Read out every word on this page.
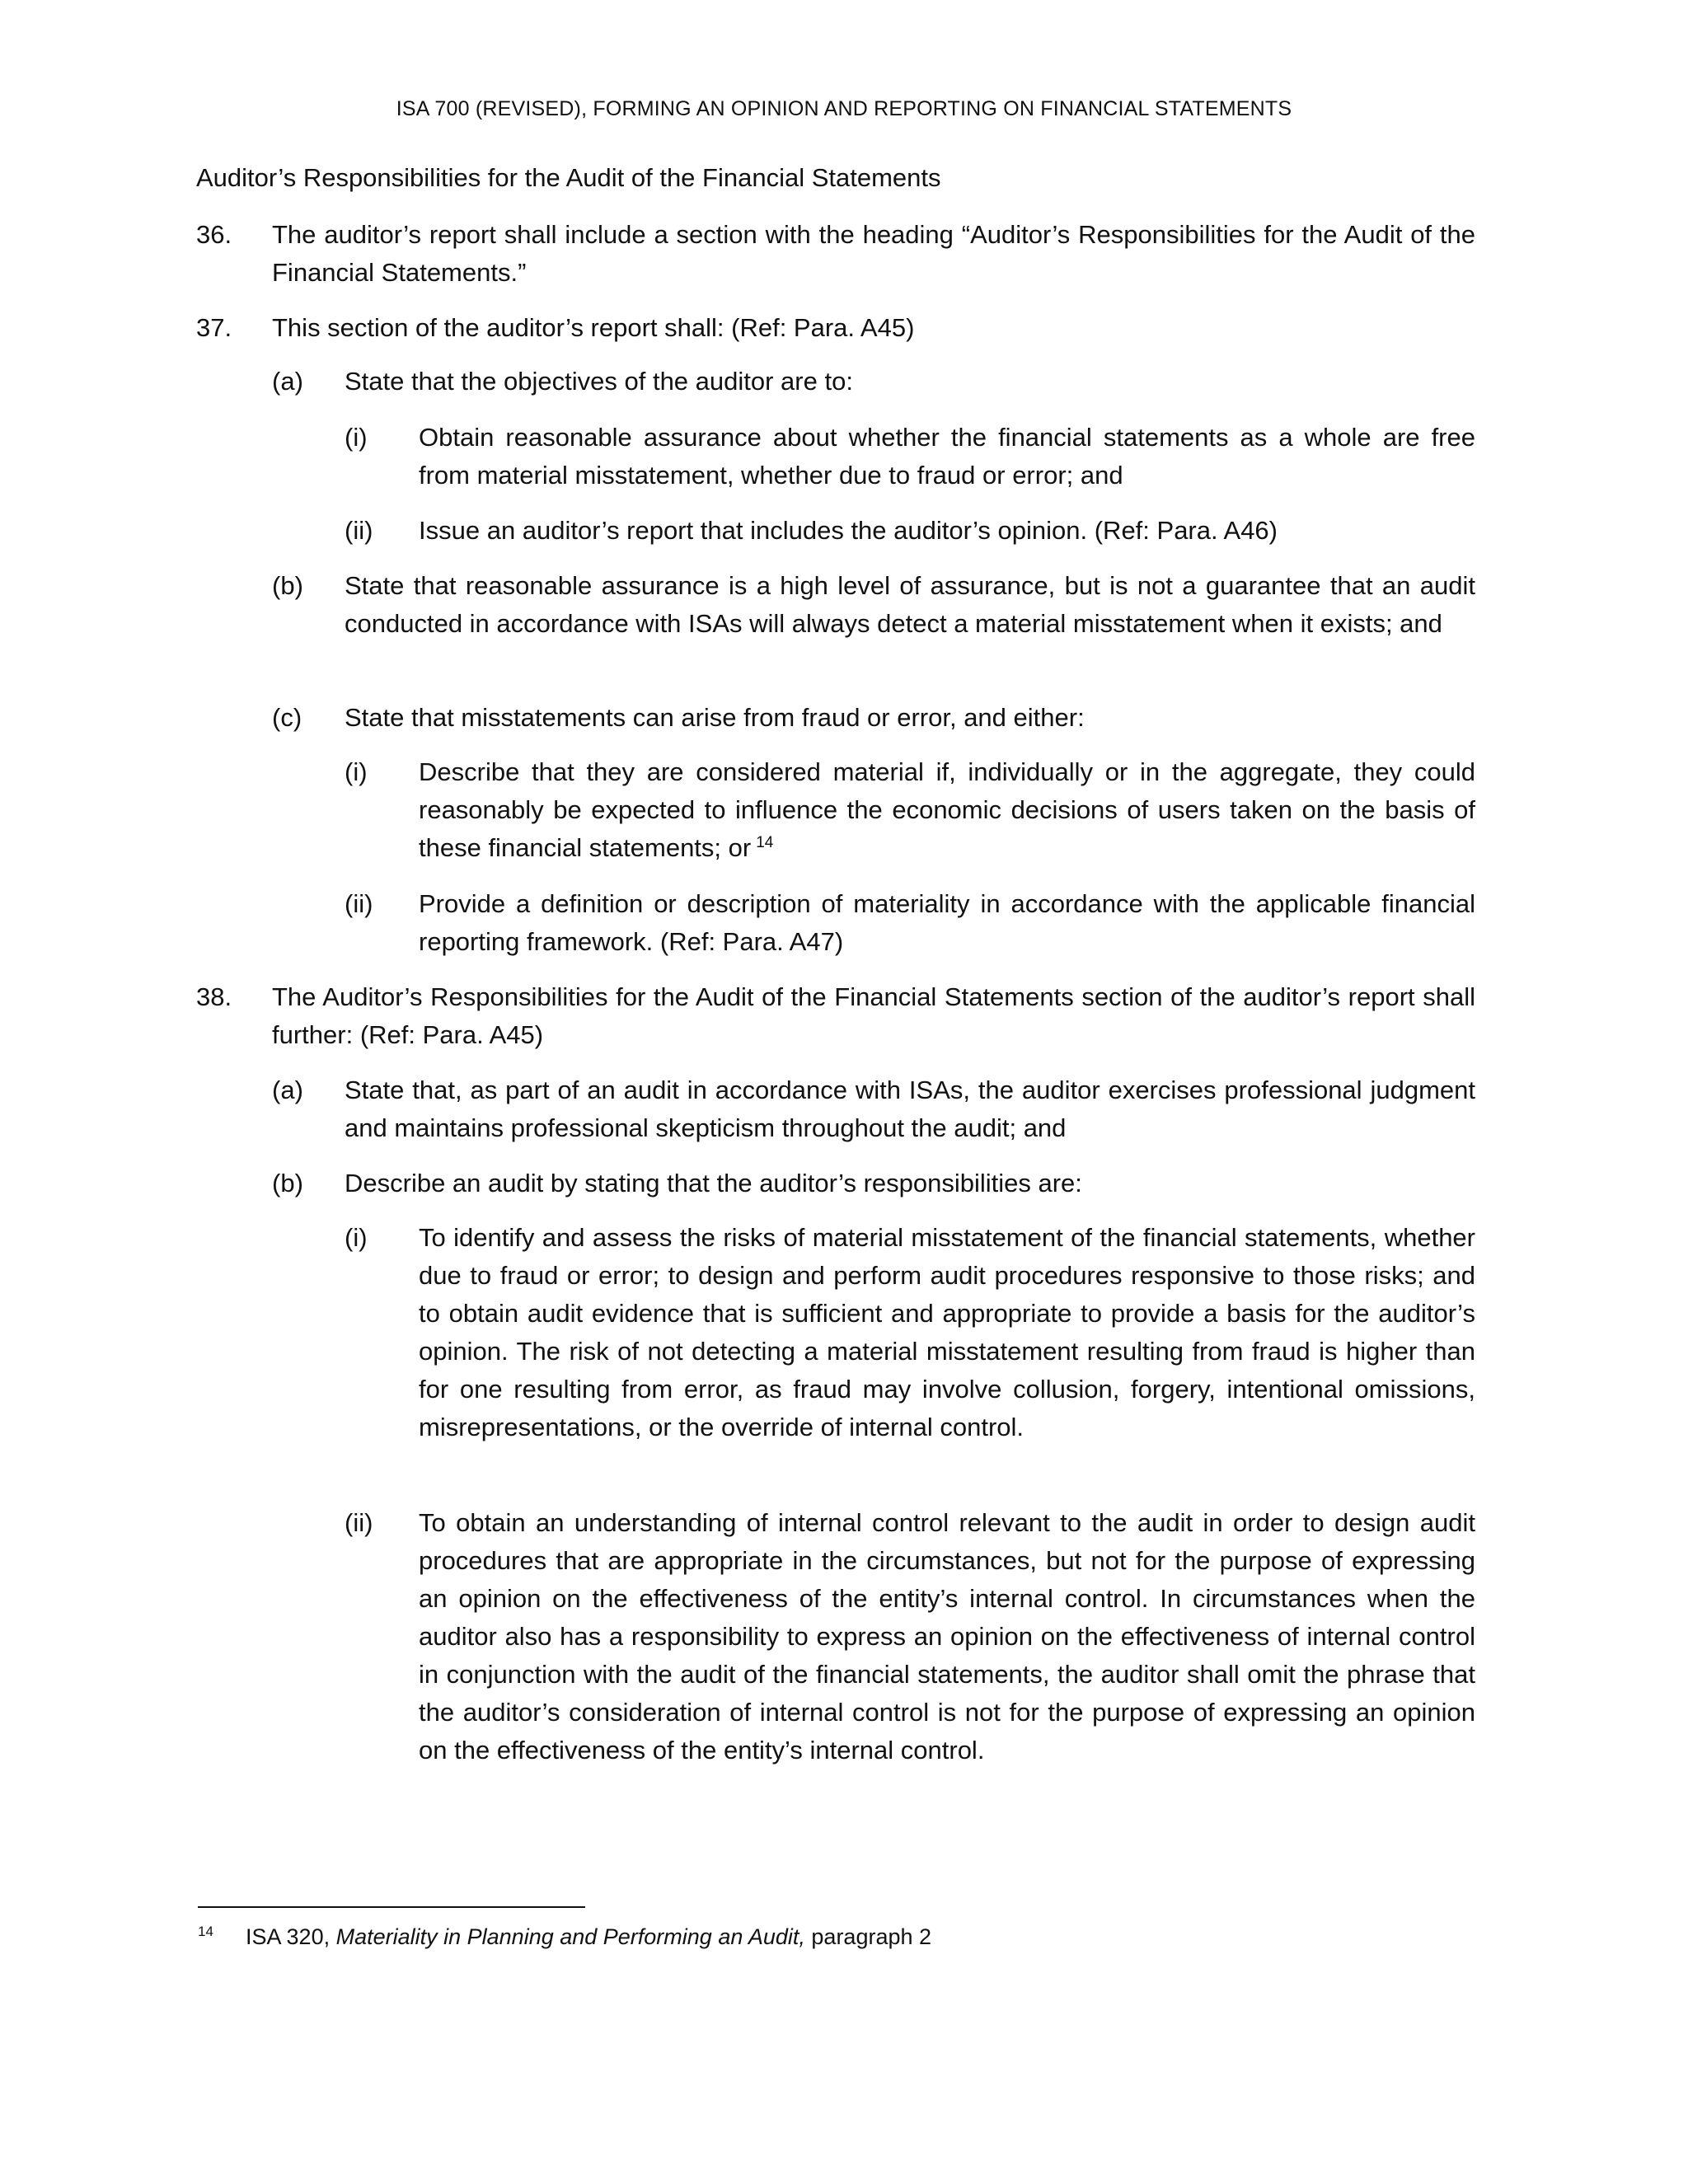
ISA 700 (REVISED), FORMING AN OPINION AND REPORTING ON FINANCIAL STATEMENTS
Auditor’s Responsibilities for the Audit of the Financial Statements
36. The auditor’s report shall include a section with the heading “Auditor’s Responsibilities for the Audit of the Financial Statements.”
37. This section of the auditor’s report shall: (Ref: Para. A45)
(a) State that the objectives of the auditor are to:
(i) Obtain reasonable assurance about whether the financial statements as a whole are free from material misstatement, whether due to fraud or error; and
(ii) Issue an auditor’s report that includes the auditor’s opinion. (Ref: Para. A46)
(b) State that reasonable assurance is a high level of assurance, but is not a guarantee that an audit conducted in accordance with ISAs will always detect a material misstatement when it exists; and
(c) State that misstatements can arise from fraud or error, and either:
(i) Describe that they are considered material if, individually or in the aggregate, they could reasonably be expected to influence the economic decisions of users taken on the basis of these financial statements; or $^{14}$
(ii) Provide a definition or description of materiality in accordance with the applicable financial reporting framework. (Ref: Para. A47)
38. The Auditor’s Responsibilities for the Audit of the Financial Statements section of the auditor’s report shall further: (Ref: Para. A45)
(a) State that, as part of an audit in accordance with ISAs, the auditor exercises professional judgment and maintains professional skepticism throughout the audit; and
(b) Describe an audit by stating that the auditor’s responsibilities are:
(i) To identify and assess the risks of material misstatement of the financial statements, whether due to fraud or error; to design and perform audit procedures responsive to those risks; and to obtain audit evidence that is sufficient and appropriate to provide a basis for the auditor’s opinion. The risk of not detecting a material misstatement resulting from fraud is higher than for one resulting from error, as fraud may involve collusion, forgery, intentional omissions, misrepresentations, or the override of internal control.
(ii) To obtain an understanding of internal control relevant to the audit in order to design audit procedures that are appropriate in the circumstances, but not for the purpose of expressing an opinion on the effectiveness of the entity’s internal control. In circumstances when the auditor also has a responsibility to express an opinion on the effectiveness of internal control in conjunction with the audit of the financial statements, the auditor shall omit the phrase that the auditor’s consideration of internal control is not for the purpose of expressing an opinion on the effectiveness of the entity’s internal control.
14 ISA 320, Materiality in Planning and Performing an Audit, paragraph 2
